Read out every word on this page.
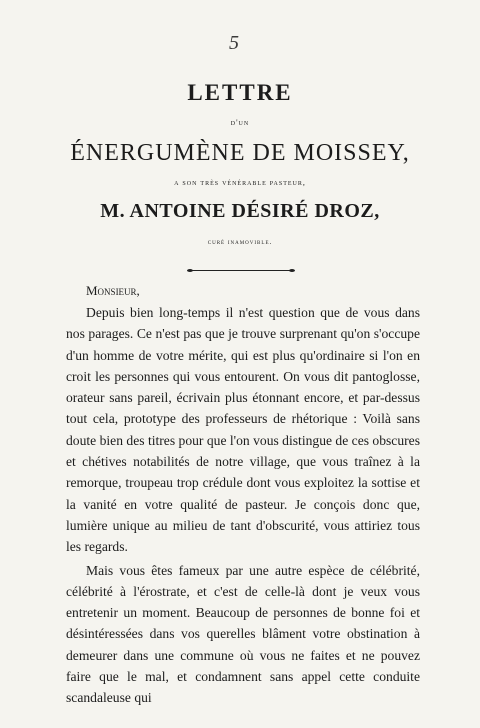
5
LETTRE
d'un
ÉNERGUMÈNE DE MOISSEY,
a son très vénérable pasteur,
M. ANTOINE DÉSIRÉ DROZ,
curé inamovible.
Monsieur,

Depuis bien long-temps il n'est question que de vous dans nos parages. Ce n'est pas que je trouve surprenant qu'on s'occupe d'un homme de votre mérite, qui est plus qu'ordinaire si l'on en croit les personnes qui vous entourent. On vous dit pantoglosse, orateur sans pareil, écrivain plus étonnant encore, et par-dessus tout cela, prototype des professeurs de rhétorique : Voilà sans doute bien des titres pour que l'on vous distingue de ces obscures et chétives notabilités de notre village, que vous traînez à la remorque, troupeau trop crédule dont vous exploitez la sottise et la vanité en votre qualité de pasteur. Je conçois donc que, lumière unique au milieu de tant d'obscurité, vous attiriez tous les regards.

Mais vous êtes fameux par une autre espèce de célébrité, célébrité à l'érostrate, et c'est de celle-là dont je veux vous entretenir un moment. Beaucoup de personnes de bonne foi et désintéressées dans vos querelles blâment votre obstination à demeurer dans une commune où vous ne faites et ne pouvez faire que le mal, et condamnent sans appel cette conduite scandaleuse qui
